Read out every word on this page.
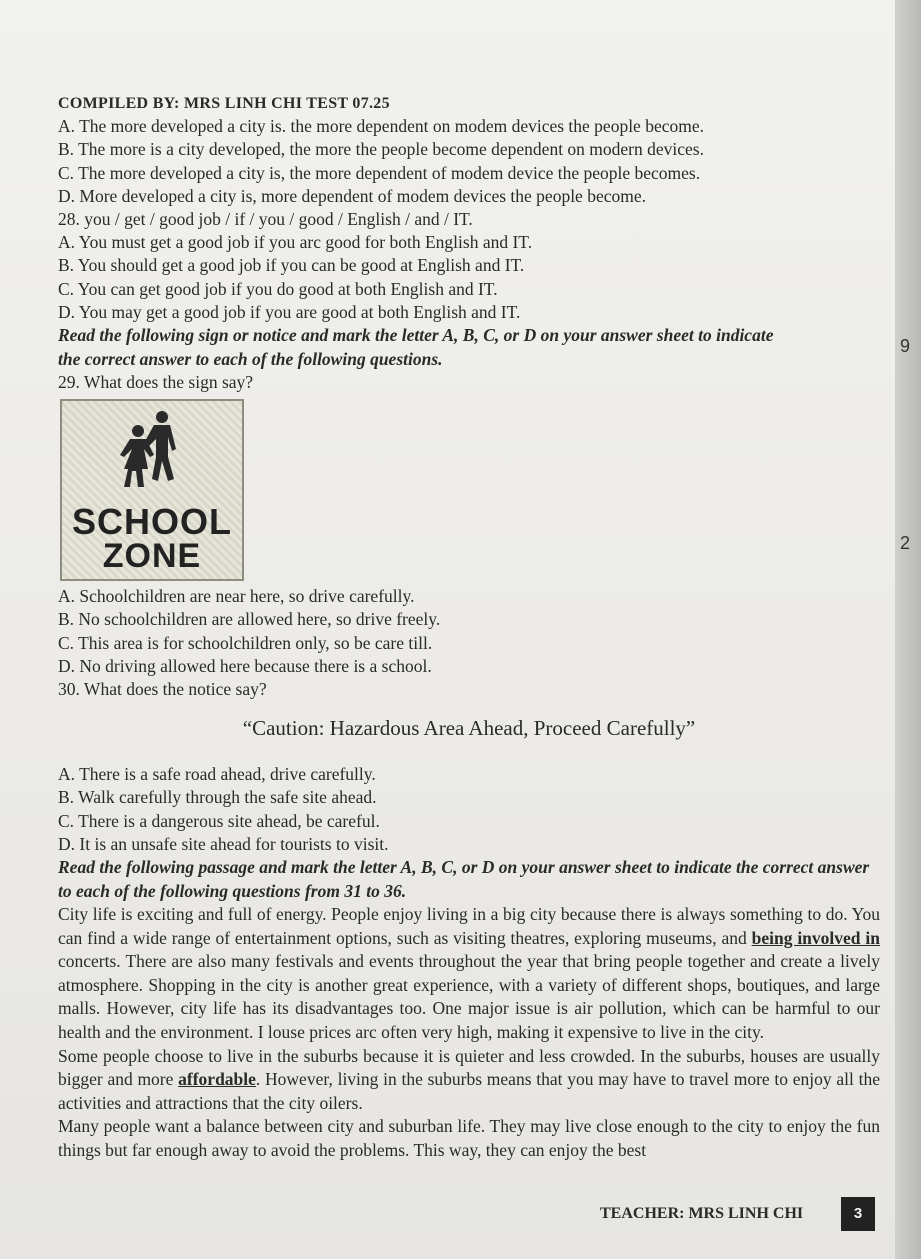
9
2
COMPILED BY: MRS LINH CHI TEST 07.25
A. The more developed a city is. the more dependent on modem devices the people become.
B. The more is a city developed, the more the people become dependent on modern devices.
C. The more developed a city is, the more dependent of modem device the people becomes.
D. More developed a city is, more dependent of modem devices the people become.
28. you / get / good job / if / you / good / English / and / IT.
A. You must get a good job if you arc good for both English and IT.
B. You should get a good job if you can be good at English and IT.
C. You can get good job if you do good at both English and IT.
D. You may get a good job if you are good at both English and IT.
Read the following sign or notice and mark the letter A, B, C, or D on your answer sheet to indicate
the correct answer to each of the following questions.
29. What does the sign say?
SCHOOL
ZONE
A. Schoolchildren are near here, so drive carefully.
B. No schoolchildren are allowed here, so drive freely.
C. This area is for schoolchildren only, so be care till.
D. No driving allowed here because there is a school.
30. What does the notice say?
“Caution: Hazardous Area Ahead, Proceed Carefully”
A. There is a safe road ahead, drive carefully.
B. Walk carefully through the safe site ahead.
C. There is a dangerous site ahead, be careful.
D. It is an unsafe site ahead for tourists to visit.
Read the following passage and mark the letter A, B, C, or D on your answer sheet to indicate the correct answer to each of the following questions from 31 to 36.

City life is exciting and full of energy. People enjoy living in a big city because there is always something to do. You can find a wide range of entertainment options, such as visiting theatres, exploring museums, and being involved in concerts. There are also many festivals and events throughout the year that bring people together and create a lively atmosphere. Shopping in the city is another great experience, with a variety of different shops, boutiques, and large malls. However, city life has its disadvantages too. One major issue is air pollution, which can be harmful to our health and the environment. I louse prices arc often very high, making it expensive to live in the city.

Some people choose to live in the suburbs because it is quieter and less crowded. In the suburbs, houses are usually bigger and more affordable. However, living in the suburbs means that you may have to travel more to enjoy all the activities and attractions that the city oilers.

Many people want a balance between city and suburban life. They may live close enough to the city to enjoy the fun things but far enough away to avoid the problems. This way, they can enjoy the best

TEACHER: MRS LINH CHI	3
